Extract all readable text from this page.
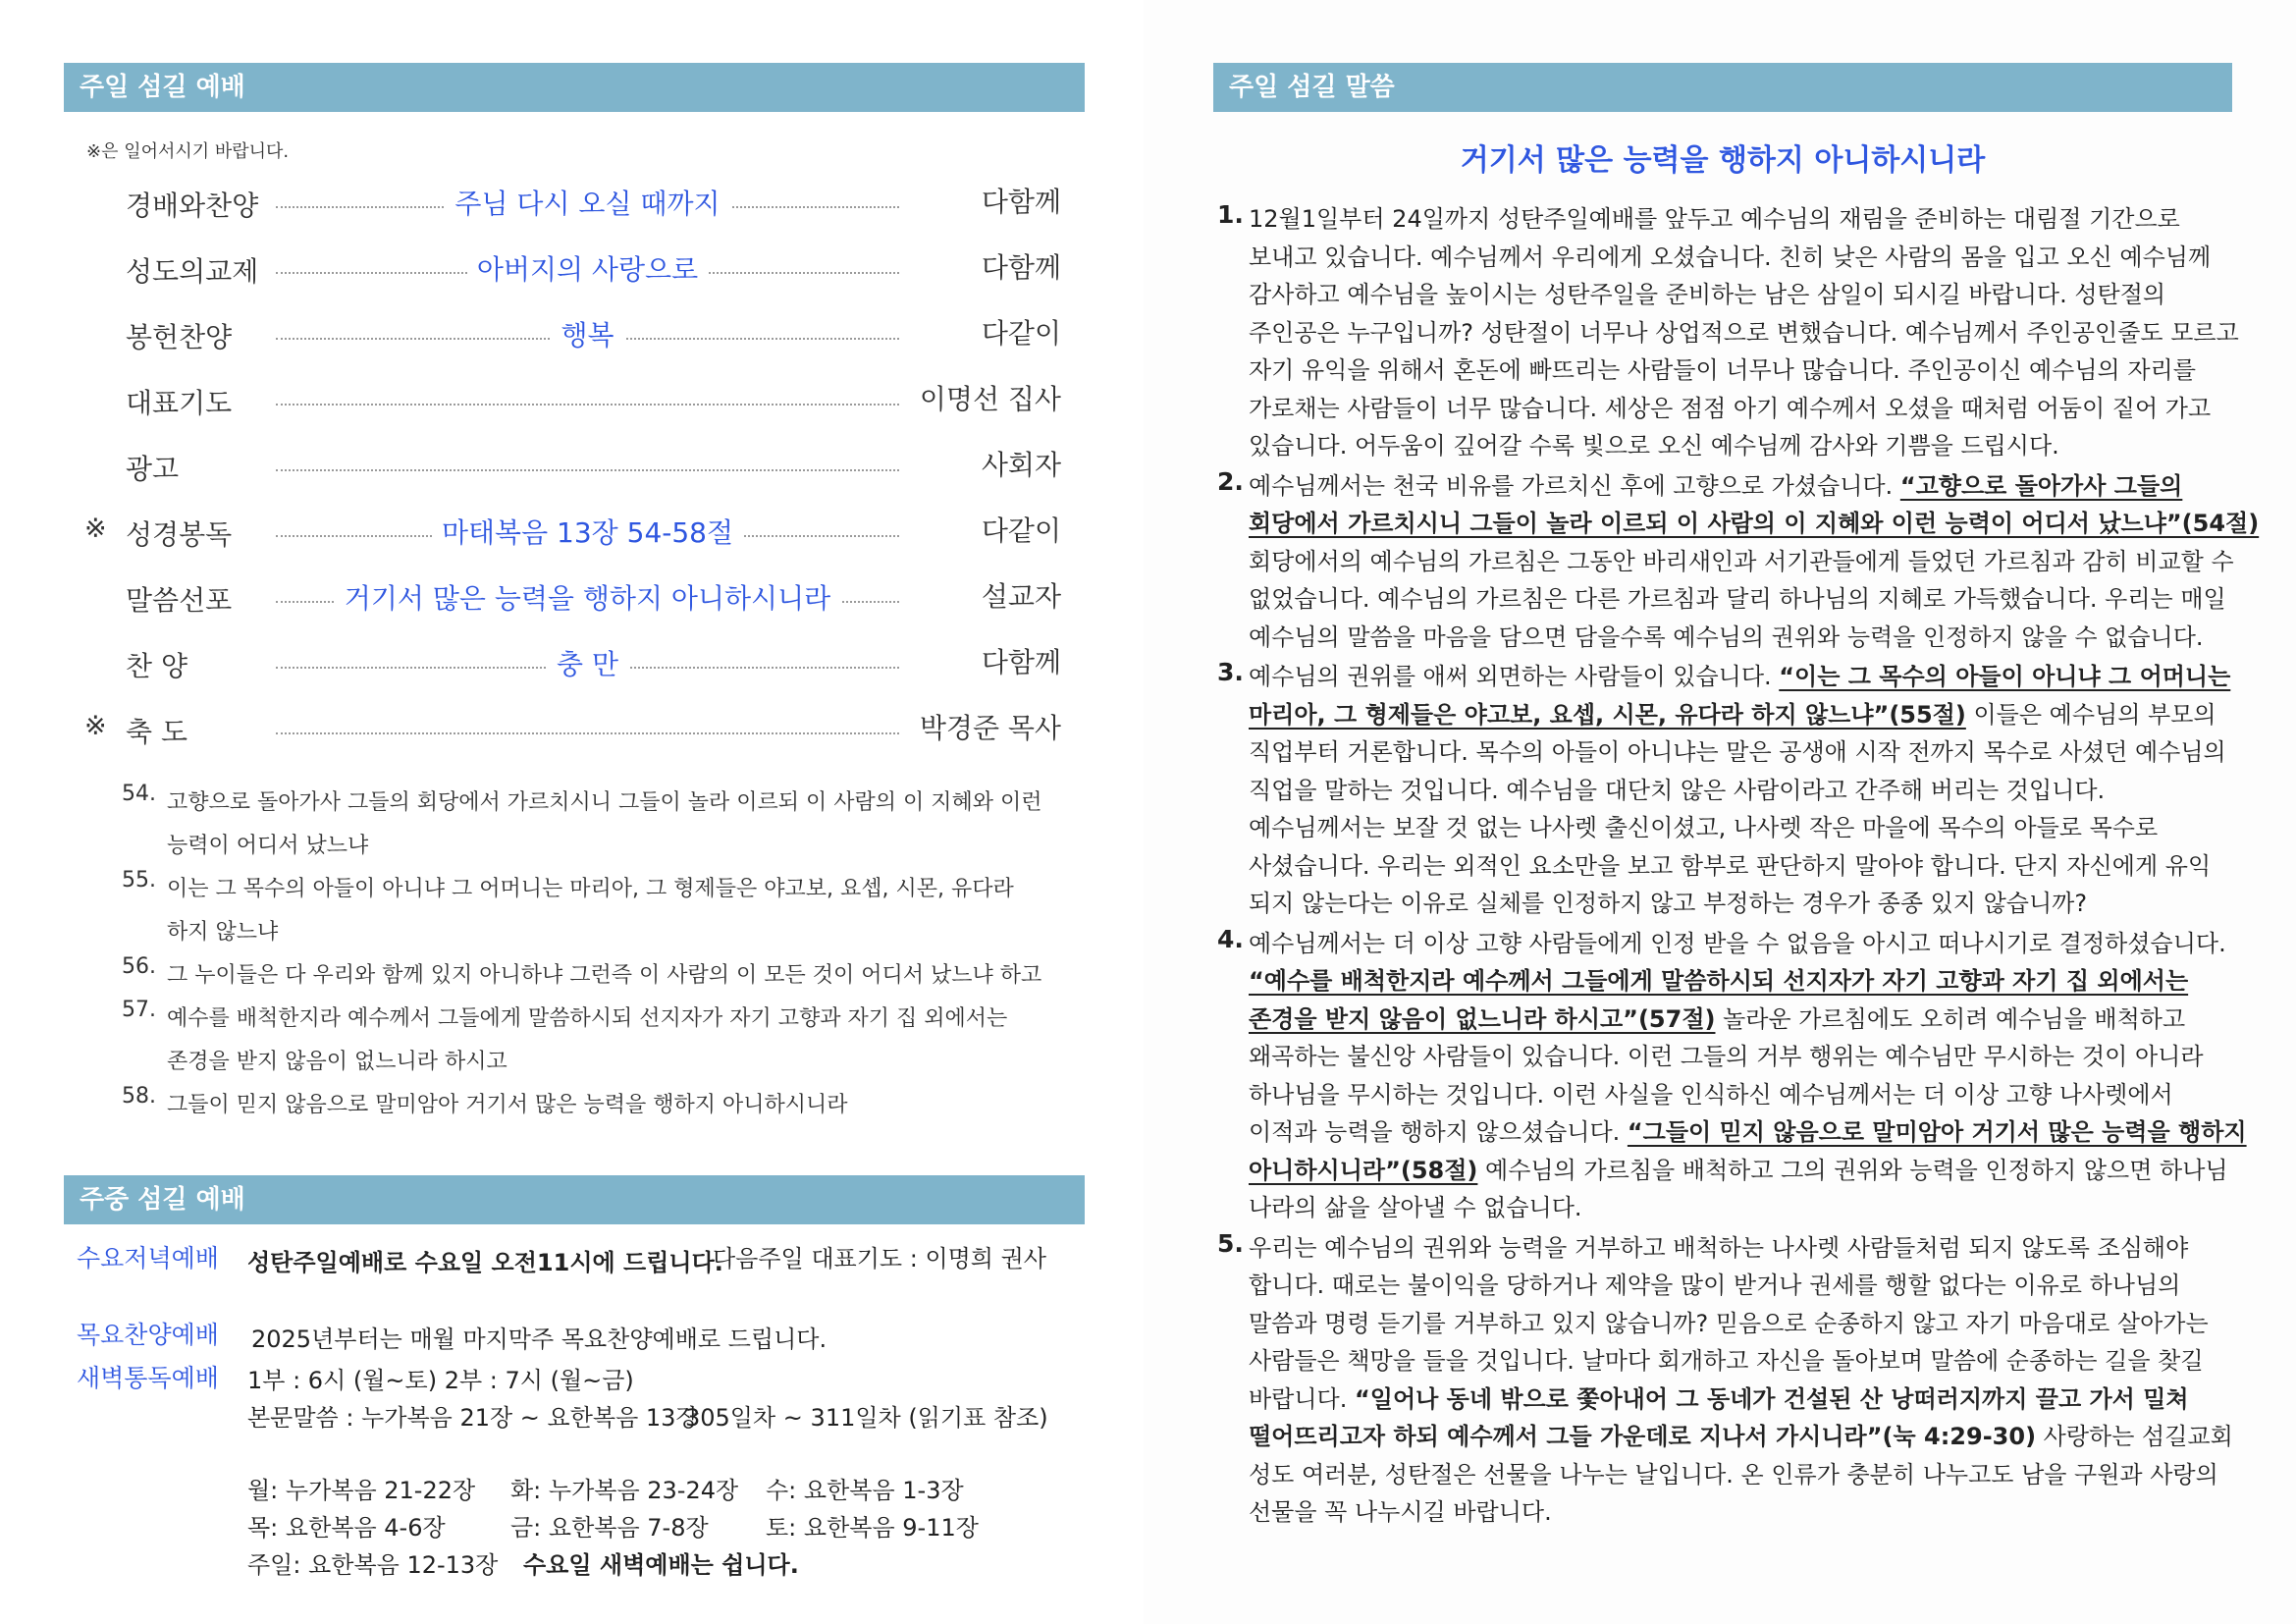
주일 섬길 예배
※은 일어서시기 바랍니다.
경배와찬양	주님 다시 오실 때까지	다함께
성도의교제	아버지의 사랑으로	다함께
봉헌찬양	행복	다같이
대표기도	이명선 집사
광고	사회자
※ 성경봉독	마태복음 13장 54-58절	다같이
말씀선포	거기서 많은 능력을 행하지 아니하시니라	설교자
찬 양	충 만	다함께
※ 축 도	박경준 목사
54. 고향으로 돌아가사 그들의 회당에서 가르치시니 그들이 놀라 이르되 이 사람의 이 지혜와 이런
능력이 어디서 났느냐
55. 이는 그 목수의 아들이 아니냐 그 어머니는 마리아, 그 형제들은 야고보, 요셉, 시몬, 유다라
하지 않느냐
56. 그 누이들은 다 우리와 함께 있지 아니하냐 그런즉 이 사람의 이 모든 것이 어디서 났느냐 하고
57. 예수를 배척한지라 예수께서 그들에게 말씀하시되 선지자가 자기 고향과 자기 집 외에서는
존경을 받지 않음이 없느니라 하시고
58. 그들이 믿지 않음으로 말미암아 거기서 많은 능력을 행하지 아니하시니라
주중 섬길 예배
수요저녁예배 성탄주일예배로 수요일 오전11시에 드립니다.
다음주일 대표기도 : 이명희 권사
목요찬양예배 2025년부터는 매월 마지막주 목요찬양예배로 드립니다.
새벽통독예배 1부 : 6시 (월~토) 2부 : 7시 (월~금)
본문말씀 : 누가복음 21장 ~ 요한복음 13장
305일차 ~ 311일차 (읽기표 참조)
월: 누가복음 21-22장 화: 누가복음 23-24장 수: 요한복음 1-3장
목: 요한복음 4-6장	금: 요한복음 7-8장 토: 요한복음 9-11장
주일: 요한복음 12-13장 수요일 새벽예배는 쉽니다.
주일 섬길 말씀
거기서 많은 능력을 행하지 아니하시니라
1. 12월1일부터 24일까지 성탄주일예배를 앞두고 예수님의 재림을 준비하는 대림절 기간으로
보내고 있습니다. 예수님께서 우리에게 오셨습니다. 친히 낮은 사람의 몸을 입고 오신 예수님께
감사하고 예수님을 높이시는 성탄주일을 준비하는 남은 삼일이 되시길 바랍니다. 성탄절의
주인공은 누구입니까? 성탄절이 너무나 상업적으로 변했습니다. 예수님께서 주인공인줄도 모르고
자기 유익을 위해서 혼돈에 빠뜨리는 사람들이 너무나 많습니다. 주인공이신 예수님의 자리를
가로채는 사람들이 너무 많습니다. 세상은 점점 아기 예수께서 오셨을 때처럼 어둠이 짙어 가고
있습니다. 어두움이 깊어갈 수록 빛으로 오신 예수님께 감사와 기쁨을 드립시다.
2. 예수님께서는 천국 비유를 가르치신 후에 고향으로 가셨습니다. “고향으로 돌아가사 그들의
회당에서 가르치시니 그들이 놀라 이르되 이 사람의 이 지혜와 이런 능력이 어디서 났느냐”(54절)
회당에서의 예수님의 가르침은 그동안 바리새인과 서기관들에게 들었던 가르침과 감히 비교할 수
없었습니다. 예수님의 가르침은 다른 가르침과 달리 하나님의 지혜로 가득했습니다. 우리는 매일
예수님의 말씀을 마음을 담으면 담을수록 예수님의 권위와 능력을 인정하지 않을 수 없습니다.
3. 예수님의 권위를 애써 외면하는 사람들이 있습니다. “이는 그 목수의 아들이 아니냐 그 어머니는
마리아, 그 형제들은 야고보, 요셉, 시몬, 유다라 하지 않느냐”(55절) 이들은 예수님의 부모의
직업부터 거론합니다. 목수의 아들이 아니냐는 말은 공생애 시작 전까지 목수로 사셨던 예수님의
직업을 말하는 것입니다. 예수님을 대단치 않은 사람이라고 간주해 버리는 것입니다.
예수님께서는 보잘 것 없는 나사렛 출신이셨고, 나사렛 작은 마을에 목수의 아들로 목수로
사셨습니다. 우리는 외적인 요소만을 보고 함부로 판단하지 말아야 합니다. 단지 자신에게 유익
되지 않는다는 이유로 실체를 인정하지 않고 부정하는 경우가 종종 있지 않습니까?
4. 예수님께서는 더 이상 고향 사람들에게 인정 받을 수 없음을 아시고 떠나시기로 결정하셨습니다.
“예수를 배척한지라 예수께서 그들에게 말씀하시되 선지자가 자기 고향과 자기 집 외에서는
존경을 받지 않음이 없느니라 하시고”(57절) 놀라운 가르침에도 오히려 예수님을 배척하고
왜곡하는 불신앙 사람들이 있습니다. 이런 그들의 거부 행위는 예수님만 무시하는 것이 아니라
하나님을 무시하는 것입니다. 이런 사실을 인식하신 예수님께서는 더 이상 고향 나사렛에서
이적과 능력을 행하지 않으셨습니다. “그들이 믿지 않음으로 말미암아 거기서 많은 능력을 행하지
아니하시니라”(58절) 예수님의 가르침을 배척하고 그의 권위와 능력을 인정하지 않으면 하나님
나라의 삶을 살아낼 수 없습니다.
5. 우리는 예수님의 권위와 능력을 거부하고 배척하는 나사렛 사람들처럼 되지 않도록 조심해야
합니다. 때로는 불이익을 당하거나 제약을 많이 받거나 권세를 행할 없다는 이유로 하나님의
말씀과 명령 듣기를 거부하고 있지 않습니까? 믿음으로 순종하지 않고 자기 마음대로 살아가는
사람들은 책망을 들을 것입니다. 날마다 회개하고 자신을 돌아보며 말씀에 순종하는 길을 찾길
바랍니다. “일어나 동네 밖으로 쫓아내어 그 동네가 건설된 산 낭떠러지까지 끌고 가서 밀쳐
떨어뜨리고자 하되 예수께서 그들 가운데로 지나서 가시니라”(눅 4:29-30) 사랑하는 섬길교회
성도 여러분, 성탄절은 선물을 나누는 날입니다. 온 인류가 충분히 나누고도 남을 구원과 사랑의
선물을 꼭 나누시길 바랍니다.
